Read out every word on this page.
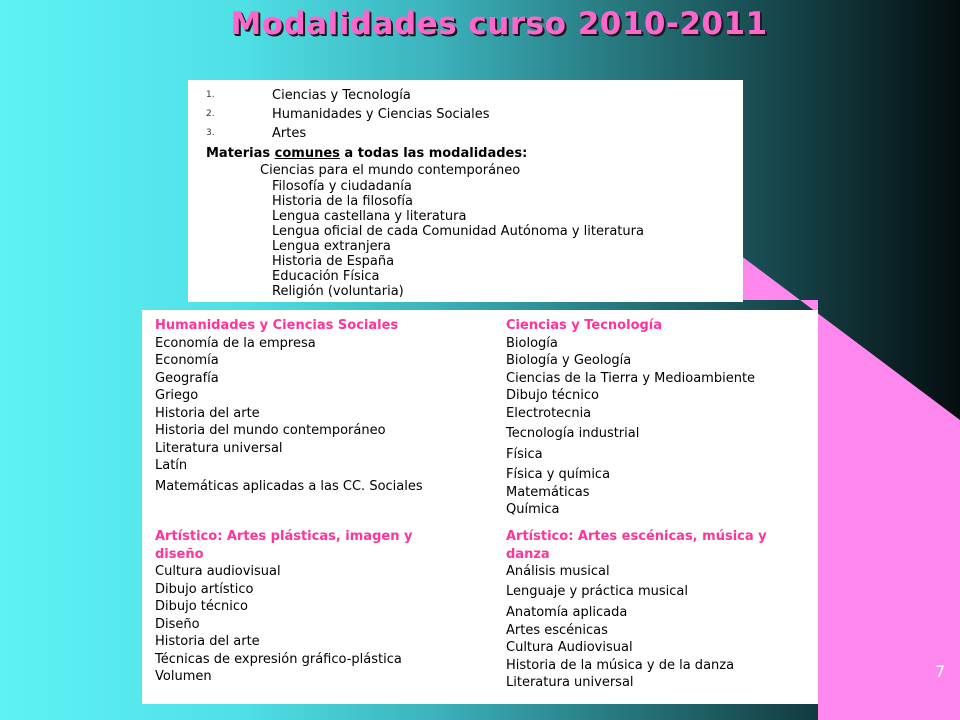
Modalidades curso 2010-2011
1.	Ciencias y Tecnología
2.	Humanidades y Ciencias Sociales
3.	Artes
Materias comunes a todas las modalidades:
Ciencias para el mundo contemporáneo
Filosofía y ciudadanía
Historia de la filosofía
Lengua castellana y literatura
Lengua oficial de cada Comunidad Autónoma y literatura
Lengua extranjera
Historia de España
Educación Física
Religión (voluntaria)
Humanidades y Ciencias Sociales
Economía de la empresa
Economía
Geografía
Griego
Historia del arte
Historia del mundo contemporáneo
Literatura universal
Latín
Matemáticas aplicadas a las CC. Sociales
Ciencias y Tecnología
Biología
Biología y Geología
Ciencias de la Tierra y Medioambiente
Dibujo técnico
Electrotecnia
Tecnología industrial
Física
Física y química
Matemáticas
Química
Artístico: Artes plásticas, imagen y diseño
Cultura audiovisual
Dibujo artístico
Dibujo técnico
Diseño
Historia del arte
Técnicas de expresión gráfico-plástica
Volumen
Artístico: Artes escénicas, música y danza
Análisis musical
Lenguaje y práctica musical
Anatomía aplicada
Artes escénicas
Cultura Audiovisual
Historia de la música y de la danza
Literatura universal
7
